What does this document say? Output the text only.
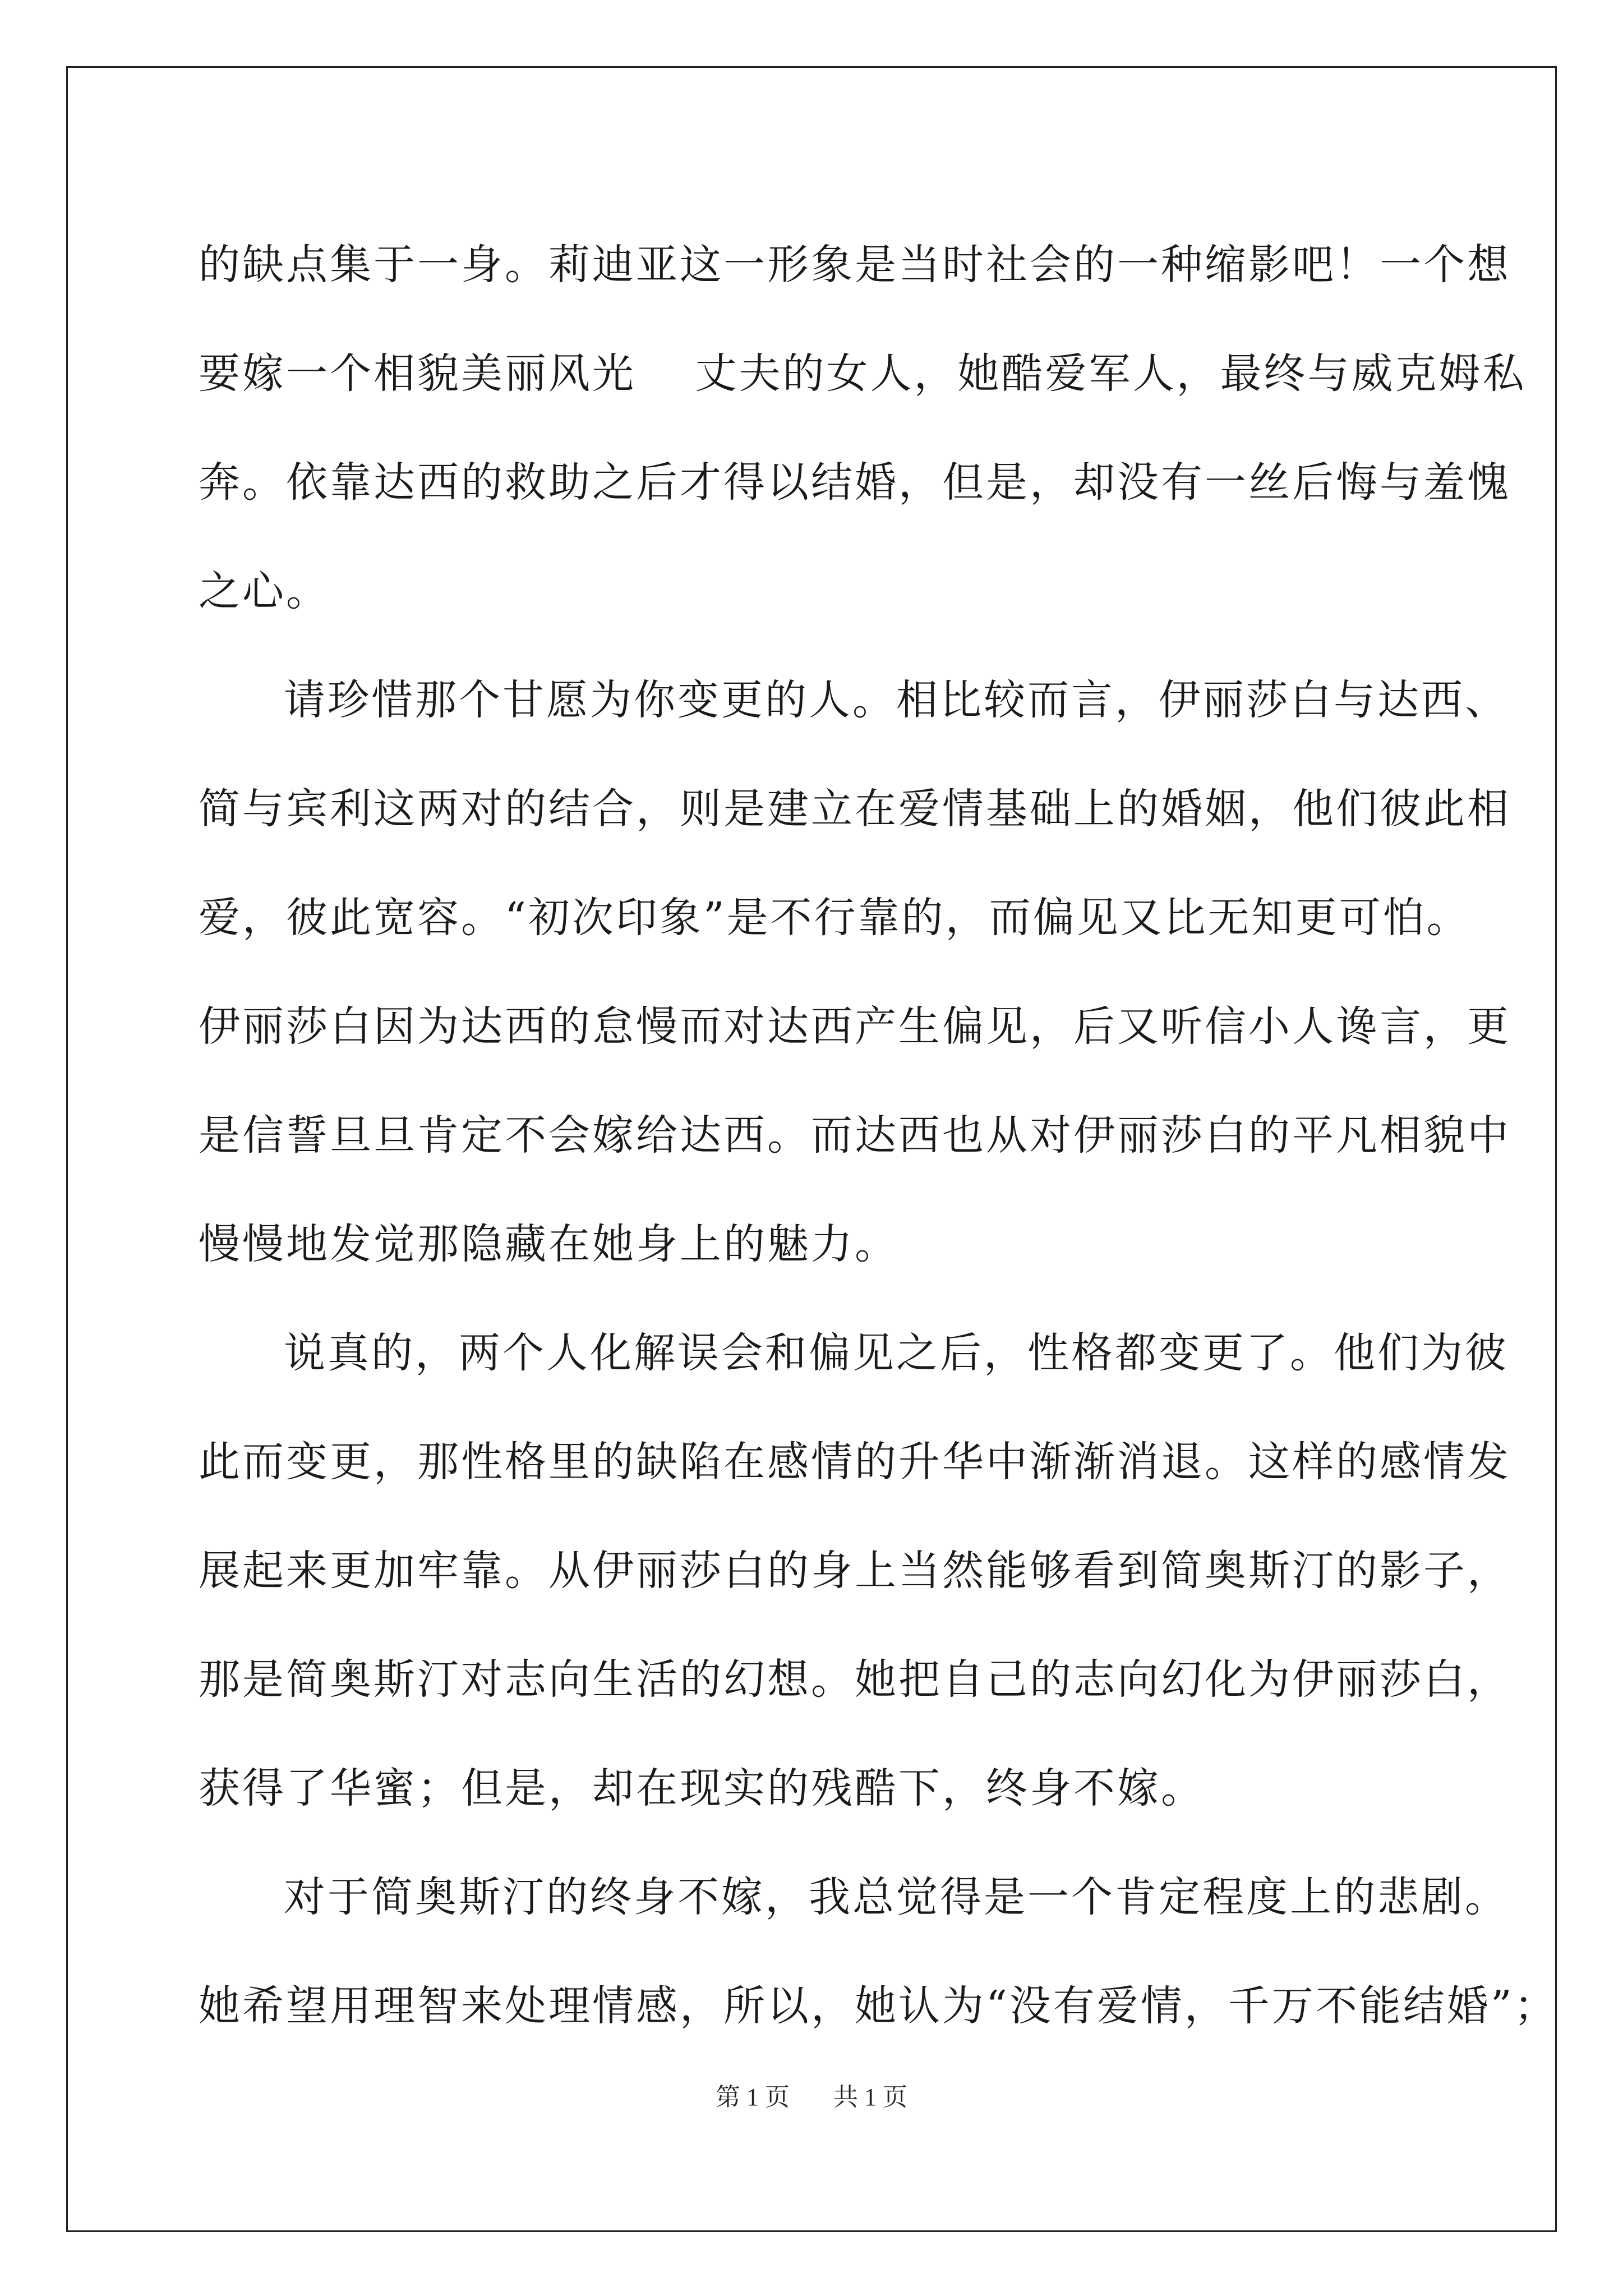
的缺点集于一身。莉迪亚这一形象是当时社会的一种缩影吧！一个想
要嫁一个相貌美丽风光　 丈夫的女人，她酷爱军人，最终与威克姆私
奔。依靠达西的救助之后才得以结婚，但是，却没有一丝后悔与羞愧
之心。
请珍惜那个甘愿为你变更的人。相比较而言，伊丽莎白与达西、
简与宾利这两对的结合，则是建立在爱情基础上的婚姻，他们彼此相
爱，彼此宽容。“初次印象”是不行靠的，而偏见又比无知更可怕。
伊丽莎白因为达西的怠慢而对达西产生偏见，后又听信小人谗言，更
是信誓旦旦肯定不会嫁给达西。而达西也从对伊丽莎白的平凡相貌中
慢慢地发觉那隐藏在她身上的魅力。
说真的，两个人化解误会和偏见之后，性格都变更了。他们为彼
此而变更，那性格里的缺陷在感情的升华中渐渐消退。这样的感情发
展起来更加牢靠。从伊丽莎白的身上当然能够看到简奥斯汀的影子，
那是简奥斯汀对志向生活的幻想。她把自己的志向幻化为伊丽莎白，
获得了华蜜；但是，却在现实的残酷下，终身不嫁。
对于简奥斯汀的终身不嫁，我总觉得是一个肯定程度上的悲剧。
她希望用理智来处理情感，所以，她认为“没有爱情，千万不能结婚”；
第 1 页 共 1 页
